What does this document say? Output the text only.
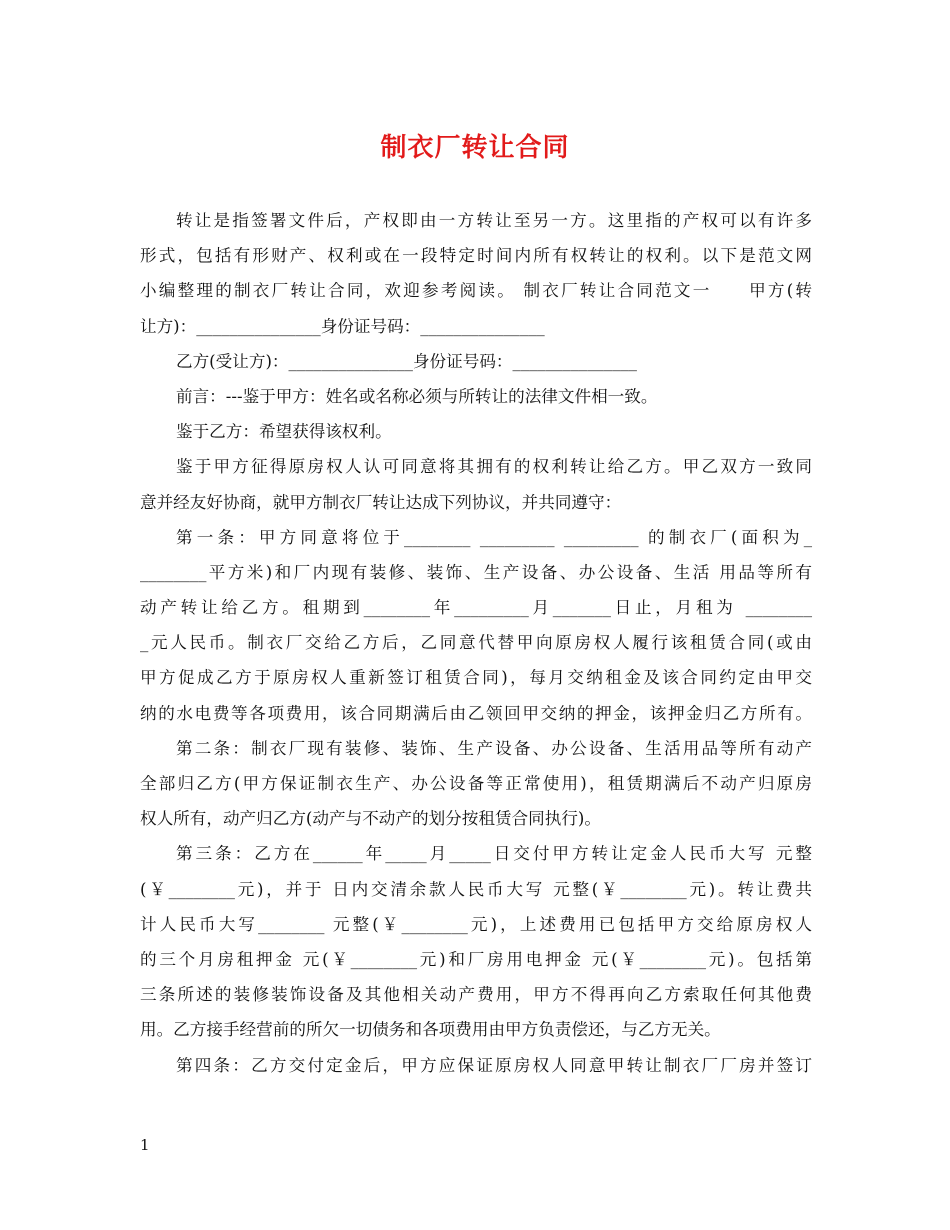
制衣厂转让合同
转让是指签署文件后，产权即由一方转让至另一方。这里指的产权可以有许多
形式，包括有形财产、权利或在一段特定时间内所有权转让的权利。以下是范文网
小编整理的制衣厂转让合同，欢迎参考阅读。 制衣厂转让合同范文一　　甲方(转
让方)：_______________身份证号码：_______________
乙方(受让方)：_______________身份证号码：_______________
前言：---鉴于甲方：姓名或名称必须与所转让的法律文件相一致。
鉴于乙方：希望获得该权利。
鉴于甲方征得原房权人认可同意将其拥有的权利转让给乙方。甲乙双方一致同
意并经友好协商，就甲方制衣厂转让达成下列协议，并共同遵守：
第一条：甲方同意将位于________ _________ _________ 的制衣厂(面积为_
________平方米)和厂内现有装修、装饰、生产设备、办公设备、生活 用品等所有
动产转让给乙方。租期到________年_________月_______日止，月租为 ________
_元人民币。制衣厂交给乙方后，乙同意代替甲向原房权人履行该租赁合同(或由
甲方促成乙方于原房权人重新签订租赁合同)，每月交纳租金及该合同约定由甲交
纳的水电费等各项费用，该合同期满后由乙领回甲交纳的押金，该押金归乙方所有。
第二条：制衣厂现有装修、装饰、生产设备、办公设备、生活用品等所有动产
全部归乙方(甲方保证制衣生产、办公设备等正常使用)，租赁期满后不动产归原房
权人所有，动产归乙方(动产与不动产的划分按租赁合同执行)。
第三条：乙方在______年_____月_____日交付甲方转让定金人民币大写 元整
(￥________元)，并于 日内交清余款人民币大写 元整(￥________元)。转让费共
计人民币大写________ 元整(￥________元)，上述费用已包括甲方交给原房权人
的三个月房租押金 元(￥________元)和厂房用电押金 元(￥________元)。包括第
三条所述的装修装饰设备及其他相关动产费用，甲方不得再向乙方索取任何其他费
用。乙方接手经营前的所欠一切债务和各项费用由甲方负责偿还，与乙方无关。
第四条：乙方交付定金后，甲方应保证原房权人同意甲转让制衣厂厂房并签订
1
